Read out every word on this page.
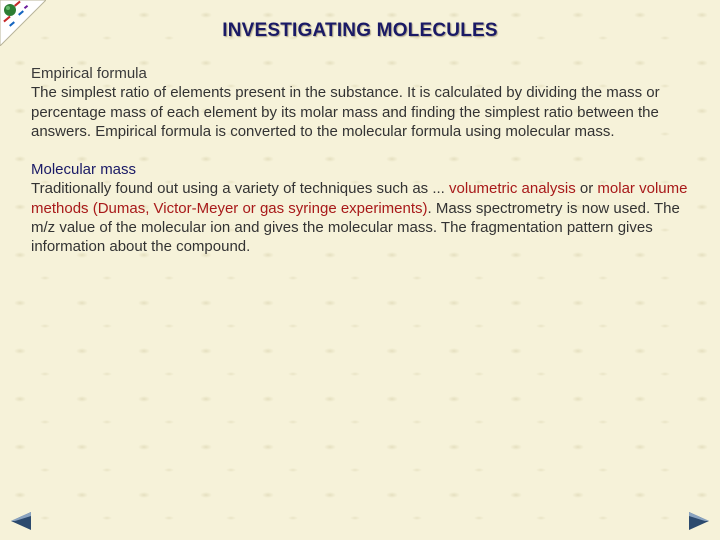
INVESTIGATING MOLECULES
Empirical formula
The simplest ratio of elements present in the substance. It is calculated by dividing the mass or percentage mass of each element by its molar mass and finding the simplest ratio between the answers. Empirical formula is converted to the molecular formula using molecular mass.
Molecular mass
Traditionally found out using a variety of techniques such as ... volumetric analysis or molar volume methods (Dumas, Victor-Meyer or gas syringe experiments). Mass spectrometry is now used. The m/z value of the molecular ion and gives the molecular mass. The fragmentation pattern gives information about the compound.
